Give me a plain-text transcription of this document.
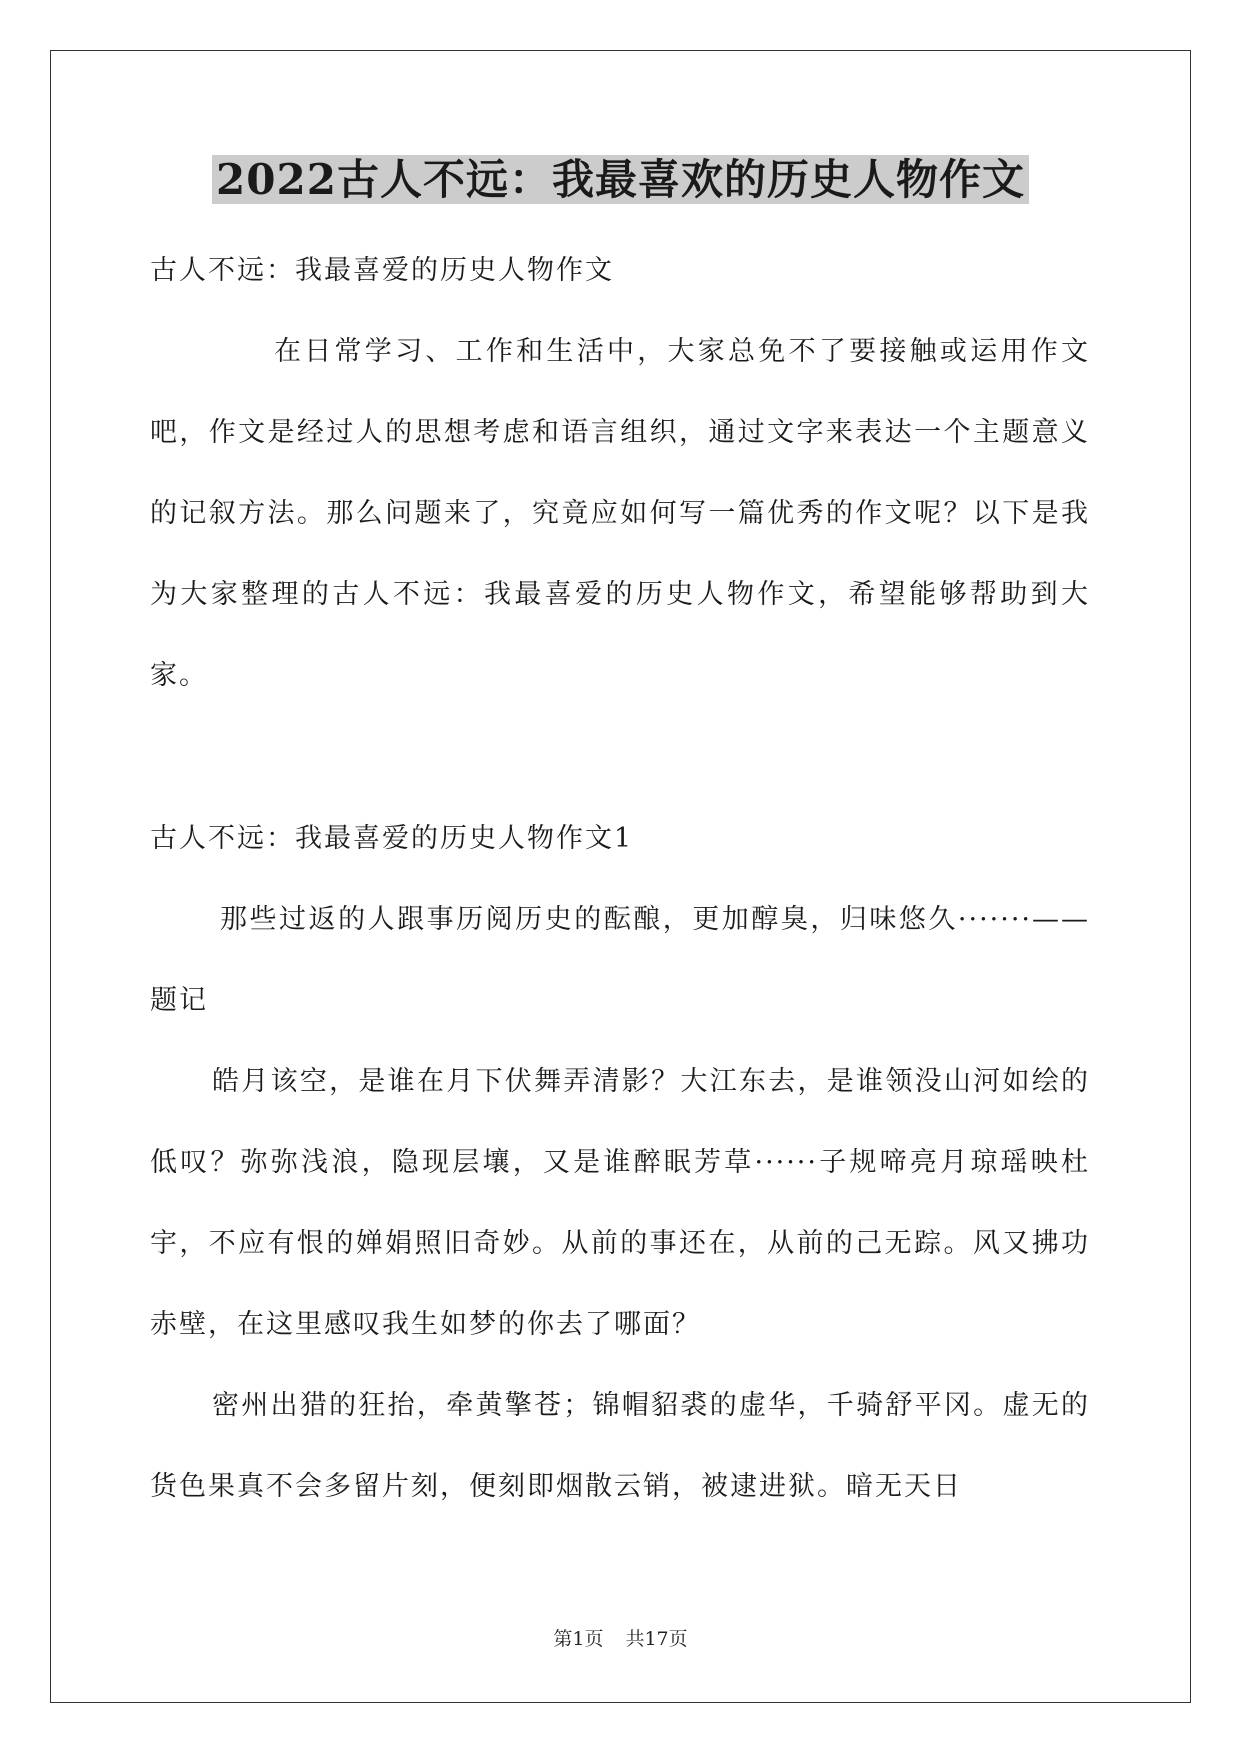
2022古人不远：我最喜欢的历史人物作文
古人不远：我最喜爱的历史人物作文
在日常学习、工作和生活中，大家总免不了要接触或运用作文吧，作文是经过人的思想考虑和语言组织，通过文字来表达一个主题意义的记叙方法。那么问题来了，究竟应如何写一篇优秀的作文呢？以下是我为大家整理的古人不远：我最喜爱的历史人物作文，希望能够帮助到大家。
古人不远：我最喜爱的历史人物作文1
那些过返的人跟事历阅历史的酝酿，更加醇臭，归味悠久·······——题记
皓月该空，是谁在月下伏舞弄清影？大江东去，是谁领没山河如绘的低叹？弥弥浅浪，隐现层壤，又是谁醉眠芳草······子规啼亮月琼瑶映杜宇，不应有恨的婵娟照旧奇妙。从前的事还在，从前的己无踪。风又拂功赤壁，在这里感叹我生如梦的你去了哪面？
密州出猎的狂抬，牵黄擎苍；锦帽貂裘的虚华，千骑舒平冈。虚无的货色果真不会多留片刻，便刻即烟散云销，被逮进狱。暗无天日
第1页 共17页
